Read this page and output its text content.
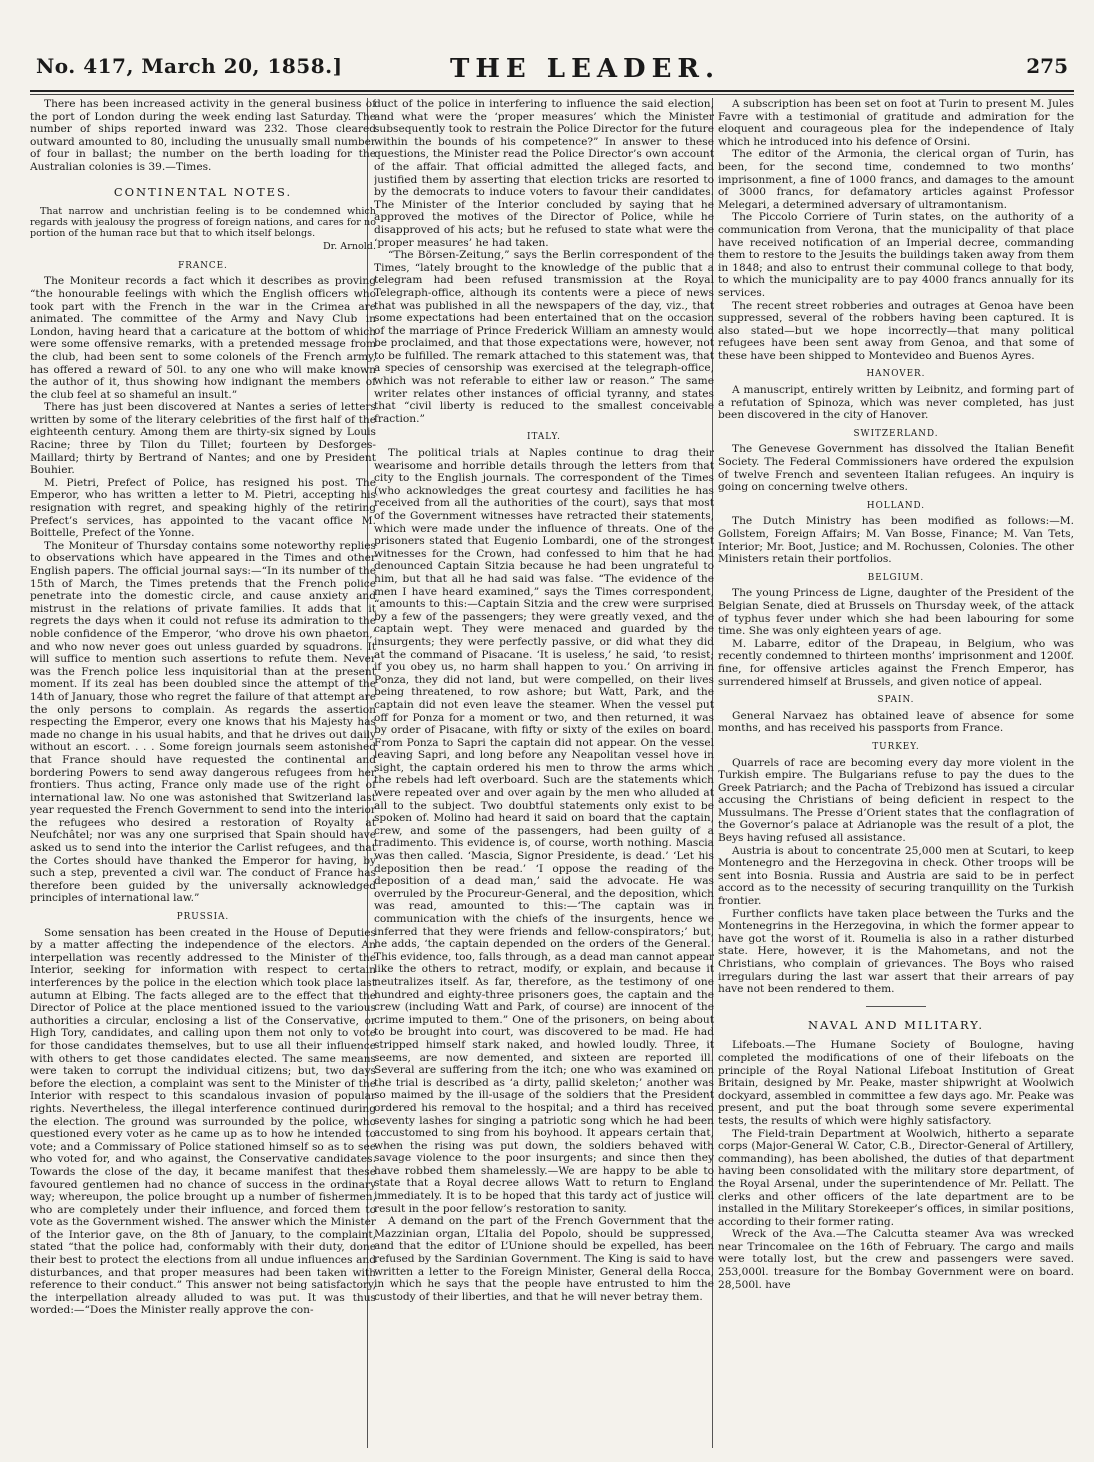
No. 417, March 20, 1858.]	THE LEADER.	275

There has been increased activity in the general business of the port of London during the week ending last Saturday. The number of ships reported inward was 232. Those cleared outward amounted to 80, including the unusually small number of four in ballast; the number on the berth loading for the Australian colonies is 39.—Times.

CONTINENTAL NOTES.

That narrow and unchristian feeling is to be condemned which regards with jealousy the progress of foreign nations, and cares for no portion of the human race but that to which itself belongs.

Dr. Arnold.
FRANCE.

The Moniteur records a fact which it describes as proving “the honourable feelings with which the English officers who took part with the French in the war in the Crimea are animated. The committee of the Army and Navy Club in London, having heard that a caricature at the bottom of which were some offensive remarks, with a pretended message from the club, had been sent to some colonels of the French army, has offered a reward of 50l. to any one who will make known the author of it, thus showing how indignant the members of the club feel at so shameful an insult.”

There has just been discovered at Nantes a series of letters written by some of the literary celebrities of the first half of the eighteenth century. Among them are thirty-six signed by Louis Racine; three by Tilon du Tillet; fourteen by Desforges-Maillard; thirty by Bertrand of Nantes; and one by President Bouhier.

M. Pietri, Prefect of Police, has resigned his post. The Emperor, who has written a letter to M. Pietri, accepting his resignation with regret, and speaking highly of the retiring Prefect’s services, has appointed to the vacant office M. Boittelle, Prefect of the Yonne.

The Moniteur of Thursday contains some noteworthy replies to observations which have appeared in the Times and other English papers. The official journal says:—“In its number of the 15th of March, the Times pretends that the French police penetrate into the domestic circle, and cause anxiety and mistrust in the relations of private families. It adds that it regrets the days when it could not refuse its admiration to the noble confidence of the Emperor, ‘who drove his own phaeton,’ and who now never goes out unless guarded by squadrons. It will suffice to mention such assertions to refute them. Never was the French police less inquisitorial than at the present moment. If its zeal has been doubled since the attempt of the 14th of January, those who regret the failure of that attempt are the only persons to complain. As regards the assertion respecting the Emperor, every one knows that his Majesty has made no change in his usual habits, and that he drives out daily without an escort. . . . Some foreign journals seem astonished that France should have requested the continental and bordering Powers to send away dangerous refugees from her frontiers. Thus acting, France only made use of the right of international law. No one was astonished that Switzerland last year requested the French Government to send into the interior the refugees who desired a restoration of Royalty at Neufchâtel; nor was any one surprised that Spain should have asked us to send into the interior the Carlist refugees, and that the Cortes should have thanked the Emperor for having, by such a step, prevented a civil war. The conduct of France has therefore been guided by the universally acknowledged principles of international law.”

PRUSSIA.

Some sensation has been created in the House of Deputies by a matter affecting the independence of the electors. An interpellation was recently addressed to the Minister of the Interior, seeking for information with respect to certain interferences by the police in the election which took place last autumn at Elbing. The facts alleged are to the effect that the Director of Police at the place mentioned issued to the various authorities a circular, enclosing a list of the Conservative, or High Tory, candidates, and calling upon them not only to vote for those candidates themselves, but to use all their influence with others to get those candidates elected. The same means were taken to corrupt the individual citizens; but, two days before the election, a complaint was sent to the Minister of the Interior with respect to this scandalous invasion of popular rights. Nevertheless, the illegal interference continued during the election. The ground was surrounded by the police, who questioned every voter as he came up as to how he intended to vote; and a Commissary of Police stationed himself so as to see who voted for, and who against, the Conservative candidates. Towards the close of the day, it became manifest that these favoured gentlemen had no chance of success in the ordinary way; whereupon, the police brought up a number of fishermen, who are completely under their influence, and forced them to vote as the Government wished. The answer which the Minister of the Interior gave, on the 8th of January, to the complaint, stated “that the police had, conformably with their duty, done their best to protect the elections from all undue influences and disturbances, and that proper measures had been taken with reference to their conduct.” This answer not being satisfactory, the interpellation already alluded to was put. It was thus worded:—“Does the Minister really approve the con-

duct of the police in interfering to influence the said election, and what were the ‘proper measures’ which the Minister subsequently took to restrain the Police Director for the future within the bounds of his competence?” In answer to these questions, the Minister read the Police Director’s own account of the affair. That official admitted the alleged facts, and justified them by asserting that election tricks are resorted to by the democrats to induce voters to favour their candidates. The Minister of the Interior concluded by saying that he approved the motives of the Director of Police, while he disapproved of his acts; but he refused to state what were the ‘proper measures’ he had taken.

“The Börsen-Zeitung,” says the Berlin correspondent of the Times, “lately brought to the knowledge of the public that a telegram had been refused transmission at the Royal Telegraph-office, although its contents were a piece of news that was published in all the newspapers of the day, viz., that some expectations had been entertained that on the occasion of the marriage of Prince Frederick William an amnesty would be proclaimed, and that those expectations were, however, not to be fulfilled. The remark attached to this statement was, that a species of censorship was exercised at the telegraph-office, which was not referable to either law or reason.” The same writer relates other instances of official tyranny, and states that “civil liberty is reduced to the smallest conceivable fraction.”

ITALY.

The political trials at Naples continue to drag their wearisome and horrible details through the letters from that city to the English journals. The correspondent of the Times (who acknowledges the great courtesy and facilities he has received from all the authorities of the court), says that most of the Government witnesses have retracted their statements, which were made under the influence of threats. One of the prisoners stated that Eugenio Lombardi, one of the strongest witnesses for the Crown, had confessed to him that he had denounced Captain Sitzia because he had been ungrateful to him, but that all he had said was false. “The evidence of the men I have heard examined,” says the Times correspondent, “amounts to this:—Captain Sitzia and the crew were surprised by a few of the passengers; they were greatly vexed, and the captain wept. They were menaced and guarded by the insurgents; they were perfectly passive, or did what they did at the command of Pisacane. ‘It is useless,’ he said, ‘to resist; if you obey us, no harm shall happen to you.’ On arriving in Ponza, they did not land, but were compelled, on their lives being threatened, to row ashore; but Watt, Park, and the captain did not even leave the steamer. When the vessel put off for Ponza for a moment or two, and then returned, it was by order of Pisacane, with fifty or sixty of the exiles on board. From Ponza to Sapri the captain did not appear. On the vessel leaving Sapri, and long before any Neapolitan vessel hove in sight, the captain ordered his men to throw the arms which the rebels had left overboard. Such are the statements which were repeated over and over again by the men who alluded at all to the subject. Two doubtful statements only exist to be spoken of. Molino had heard it said on board that the captain, crew, and some of the passengers, had been guilty of a tradimento. This evidence is, of course, worth nothing. Mascia was then called. ‘Mascia, Signor Presidente, is dead.’ ‘Let his deposition then be read.’ ‘I oppose the reading of the deposition of a dead man,’ said the advocate. He was overruled by the Procureur-General, and the deposition, which was read, amounted to this:—‘The captain was in communication with the chiefs of the insurgents, hence we inferred that they were friends and fellow-conspirators;’ but, he adds, ‘the captain depended on the orders of the General.’ This evidence, too, falls through, as a dead man cannot appear like the others to retract, modify, or explain, and because it neutralizes itself. As far, therefore, as the testimony of one hundred and eighty-three prisoners goes, the captain and the crew (including Watt and Park, of course) are innocent of the crime imputed to them.” One of the prisoners, on being about to be brought into court, was discovered to be mad. He had stripped himself stark naked, and howled loudly. Three, it seems, are now demented, and sixteen are reported ill. Several are suffering from the itch; one who was examined on the trial is described as ‘a dirty, pallid skeleton;’ another was so maimed by the ill-usage of the soldiers that the President ordered his removal to the hospital; and a third has received seventy lashes for singing a patriotic song which he had been accustomed to sing from his boyhood. It appears certain that, when the rising was put down, the soldiers behaved with savage violence to the poor insurgents; and since then they have robbed them shamelessly.—We are happy to be able to state that a Royal decree allows Watt to return to England immediately. It is to be hoped that this tardy act of justice will result in the poor fellow’s restoration to sanity.

A demand on the part of the French Government that the Mazzinian organ, L’Italia del Popolo, should be suppressed, and that the editor of L’Unione should be expelled, has been refused by the Sardinian Government. The King is said to have written a letter to the Foreign Minister, General della Rocca, in which he says that the people have entrusted to him the custody of their liberties, and that he will never betray them.

A subscription has been set on foot at Turin to present M. Jules Favre with a testimonial of gratitude and admiration for the eloquent and courageous plea for the independence of Italy which he introduced into his defence of Orsini.

The editor of the Armonia, the clerical organ of Turin, has been, for the second time, condemned to two months’ imprisonment, a fine of 1000 francs, and damages to the amount of 3000 francs, for defamatory articles against Professor Melegari, a determined adversary of ultramontanism.

The Piccolo Corriere of Turin states, on the authority of a communication from Verona, that the municipality of that place have received notification of an Imperial decree, commanding them to restore to the Jesuits the buildings taken away from them in 1848; and also to entrust their communal college to that body, to which the municipality are to pay 4000 francs annually for its services.

The recent street robberies and outrages at Genoa have been suppressed, several of the robbers having been captured. It is also stated—but we hope incorrectly—that many political refugees have been sent away from Genoa, and that some of these have been shipped to Montevideo and Buenos Ayres.

HANOVER.

A manuscript, entirely written by Leibnitz, and forming part of a refutation of Spinoza, which was never completed, has just been discovered in the city of Hanover.

SWITZERLAND.

The Genevese Government has dissolved the Italian Benefit Society. The Federal Commissioners have ordered the expulsion of twelve French and seventeen Italian refugees. An inquiry is going on concerning twelve others.

HOLLAND.

The Dutch Ministry has been modified as follows:—M. Gollstem, Foreign Affairs; M. Van Bosse, Finance; M. Van Tets, Interior; Mr. Boot, Justice; and M. Rochussen, Colonies. The other Ministers retain their portfolios.

BELGIUM.

The young Princess de Ligne, daughter of the President of the Belgian Senate, died at Brussels on Thursday week, of the attack of typhus fever under which she had been labouring for some time. She was only eighteen years of age.

M. Labarre, editor of the Drapeau, in Belgium, who was recently condemned to thirteen months’ imprisonment and 1200f. fine, for offensive articles against the French Emperor, has surrendered himself at Brussels, and given notice of appeal.

SPAIN.

General Narvaez has obtained leave of absence for some months, and has received his passports from France.

TURKEY.

Quarrels of race are becoming every day more violent in the Turkish empire. The Bulgarians refuse to pay the dues to the Greek Patriarch; and the Pacha of Trebizond has issued a circular accusing the Christians of being deficient in respect to the Mussulmans. The Presse d’Orient states that the conflagration of the Governor’s palace at Adrianople was the result of a plot, the Beys having refused all assistance.

Austria is about to concentrate 25,000 men at Scutari, to keep Montenegro and the Herzegovina in check. Other troops will be sent into Bosnia. Russia and Austria are said to be in perfect accord as to the necessity of securing tranquillity on the Turkish frontier.

Further conflicts have taken place between the Turks and the Montenegrins in the Herzegovina, in which the former appear to have got the worst of it. Roumelia is also in a rather disturbed state. Here, however, it is the Mahometans, and not the Christians, who complain of grievances. The Boys who raised irregulars during the last war assert that their arrears of pay have not been rendered to them.

NAVAL AND MILITARY.

Lifeboats.—The Humane Society of Boulogne, having completed the modifications of one of their lifeboats on the principle of the Royal National Lifeboat Institution of Great Britain, designed by Mr. Peake, master shipwright at Woolwich dockyard, assembled in committee a few days ago. Mr. Peake was present, and put the boat through some severe experimental tests, the results of which were highly satisfactory.

The Field-train Department at Woolwich, hitherto a separate corps (Major-General W. Cator, C.B., Director-General of Artillery, commanding), has been abolished, the duties of that department having been consolidated with the military store department, of the Royal Arsenal, under the superintendence of Mr. Pellatt. The clerks and other officers of the late department are to be installed in the Military Storekeeper’s offices, in similar positions, according to their former rating.

Wreck of the Ava.—The Calcutta steamer Ava was wrecked near Trincomalee on the 16th of February. The cargo and mails were totally lost, but the crew and passengers were saved. 253,000l. treasure for the Bombay Government were on board. 28,500l. have
